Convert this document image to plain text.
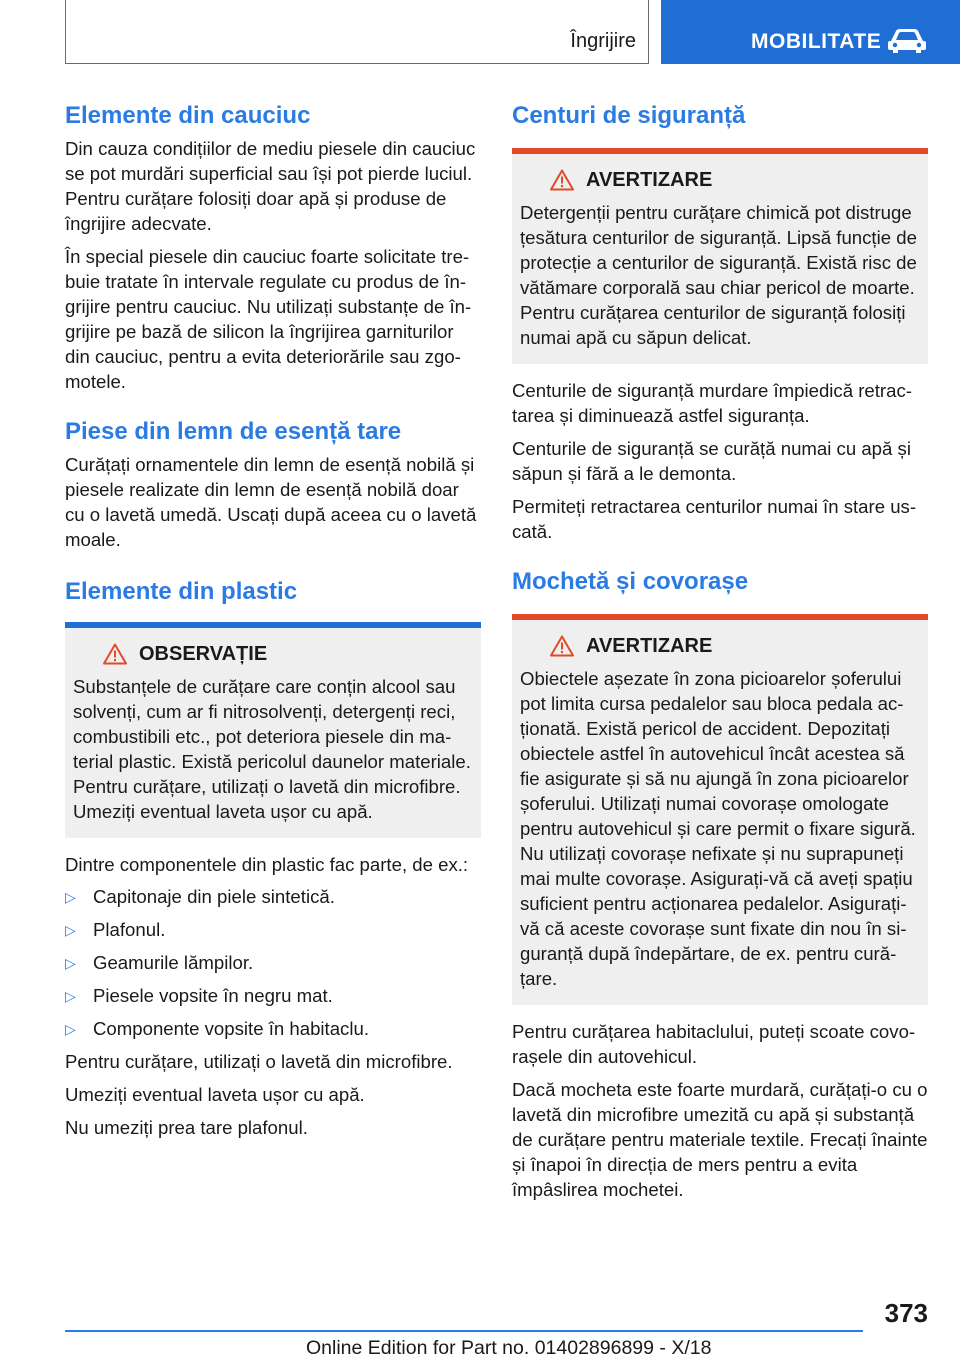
Îngrijire	MOBILITATE
Elemente din cauciuc

Din cauza condițiilor de mediu piesele din cauciuc se pot murdări superficial sau își pot pierde luciul. Pentru curățare folosiți doar apă și produse de îngrijire adecvate.

În special piesele din cauciuc foarte solicitate trebuie tratate în intervale regulate cu produs de îngrijire pentru cauciuc. Nu utilizați substanțe de îngrijire pe bază de silicon la îngrijirea garniturilor din cauciuc, pentru a evita deteriorările sau zgomotele.

Piese din lemn de esență tare

Curățați ornamentele din lemn de esență nobilă și piesele realizate din lemn de esență nobilă doar cu o lavetă umedă. Uscați după aceea cu o lavetă moale.

Elemente din plastic
OBSERVAȚIE

Substanțele de curățare care conțin alcool sau solvenți, cum ar fi nitrosolvenți, detergenți reci, combustibili etc., pot deteriora piesele din material plastic. Există pericolul daunelor materiale. Pentru curățare, utilizați o lavetă din microfibre. Umeziți eventual laveta ușor cu apă.

Dintre componentele din plastic fac parte, de ex.:

▷ Capitonaje din piele sintetică.
▷ Plafonul.
▷ Geamurile lămpilor.
▷ Piesele vopsite în negru mat.
▷ Componente vopsite în habitaclu.

Pentru curățare, utilizați o lavetă din microfibre.

Umeziți eventual laveta ușor cu apă.

Nu umeziți prea tare plafonul.

Centuri de siguranță
AVERTIZARE

Detergenții pentru curățare chimică pot distruge țesătura centurilor de siguranță. Lipsă funcție de protecție a centurilor de siguranță. Există risc de vătămare corporală sau chiar pericol de moarte. Pentru curățarea centurilor de siguranță folosiți numai apă cu săpun delicat.

Centurile de siguranță murdare împiedică retractarea și diminuează astfel siguranța.

Centurile de siguranță se curăță numai cu apă și săpun și fără a le demonta.

Permiteți retractarea centurilor numai în stare uscată.

Mochetă și covorașe
AVERTIZARE

Obiectele așezate în zona picioarelor șoferului pot limita cursa pedalelor sau bloca pedala acționată. Există pericol de accident. Depozitați obiectele astfel în autovehicul încât acestea să fie asigurate și să nu ajungă în zona picioarelor șoferului. Utilizați numai covorașe omologate pentru autovehicul și care permit o fixare sigură. Nu utilizați covorașe nefixate și nu suprapuneți mai multe covorașe. Asigurați-vă că aveți spațiu suficient pentru acționarea pedalelor. Asigurați-vă că aceste covorașe sunt fixate din nou în siguranță după îndepărtare, de ex. pentru curățare.

Pentru curățarea habitaclului, puteți scoate covorașele din autovehicul.

Dacă mocheta este foarte murdară, curățați-o cu o lavetă din microfibre umezită cu apă și substanță de curățare pentru materiale textile. Frecați înainte și înapoi în direcția de mers pentru a evita împâslirea mochetei.

373
Online Edition for Part no. 01402896899 - X/18
